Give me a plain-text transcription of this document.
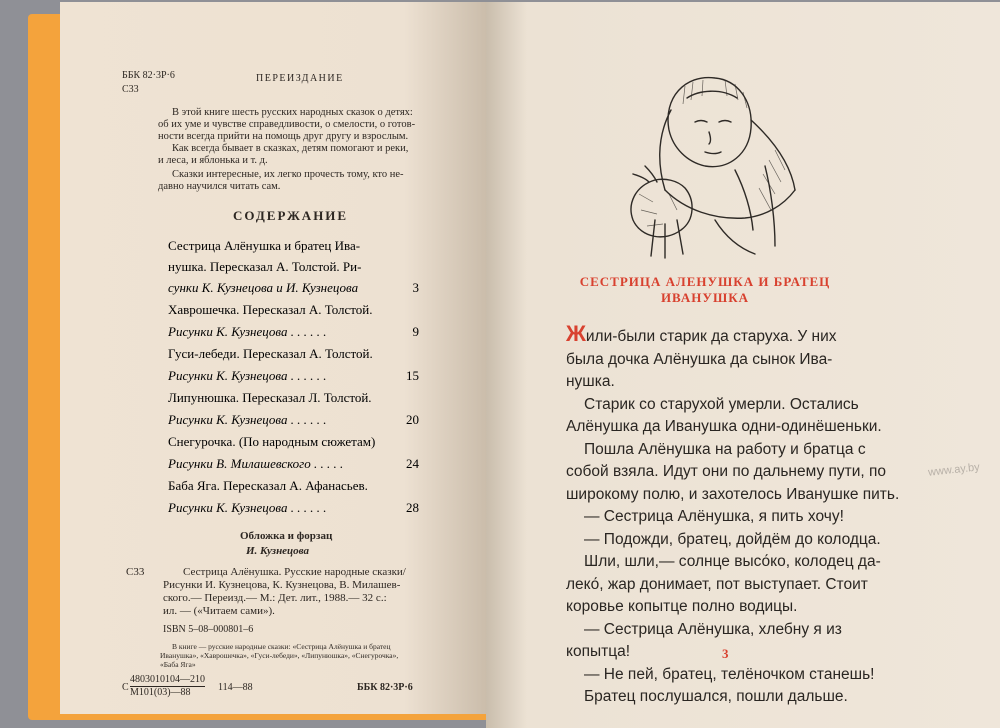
ББК 82·3Р·6
С33
ПЕРЕИЗДАНИЕ

В этой книге шесть русских народных сказок о детях:

об их уме и чувстве справедливости, о смелости, о готов-

ности всегда прийти на помощь друг другу и взрослым.

Как всегда бывает в сказках, детям помогают и реки,

и леса, и яблонька и т. д.

Сказки интересные, их легко прочесть тому, кто не-

давно научился читать сам.

СОДЕРЖАНИЕ
Сестрица Алёнушка и братец Ива-
нушка. Пересказал А. Толстой. Ри-
сунки К. Кузнецова и И. Кузнецова	3
Хаврошечка. Пересказал А. Толстой.
Рисунки К. Кузнецова . . . . . .	9
Гуси-лебеди. Пересказал А. Толстой.
Рисунки К. Кузнецова . . . . . .	15
Липунюшка. Пересказал Л. Толстой.
Рисунки К. Кузнецова . . . . . .	20
Снегурочка. (По народным сюжетам)
Рисунки В. Милашевского . . . . .	24
Баба Яга. Пересказал А. Афанасьев.
Рисунки К. Кузнецова . . . . . .	28
Обложка и форзац
И. Кузнецова
С33	Сестрица Алёнушка. Русские народные сказки/
Рисунки И. Кузнецова, К. Кузнецова, В. Милашев-
ского.— Переизд.— М.: Дет. лит., 1988.— 32 с.:
ил. — («Читаем сами»).
ISBN 5–08–000801–6
В книге — русские народные сказки: «Сестрица Алёнушка и братец
Иванушка», «Хаврошечка», «Гуси-лебеди», «Липунюшка», «Снегурочка»,
«Баба Яга»
С
4803010104—210
М101(03)—88	114—88	ББК 82·3Р·6
СЕСТРИЦА АЛЕНУШКА И БРАТЕЦ
ИВАНУШКА
Жили-были старик да старуха. У них
была дочка Алёнушка да сынок Ива-
нушка.
Старик со старухой умерли. Остались
Алёнушка да Иванушка одни-одинёшеньки.
Пошла Алёнушка на работу и братца с
собой взяла. Идут они по дальнему пути, по
широкому полю, и захотелось Иванушке пить.
— Сестрица Алёнушка, я пить хочу!
— Подожди, братец, дойдём до колодца.
Шли, шли,— солнце высо́ко, колодец да-
леко́, жар донимает, пот выступает. Стоит
коровье копытце полно водицы.
— Сестрица Алёнушка, хлебну я из
копытца!
— Не пей, братец, телёночком станешь!
Братец послушался, пошли дальше.
3
www.ay.by
